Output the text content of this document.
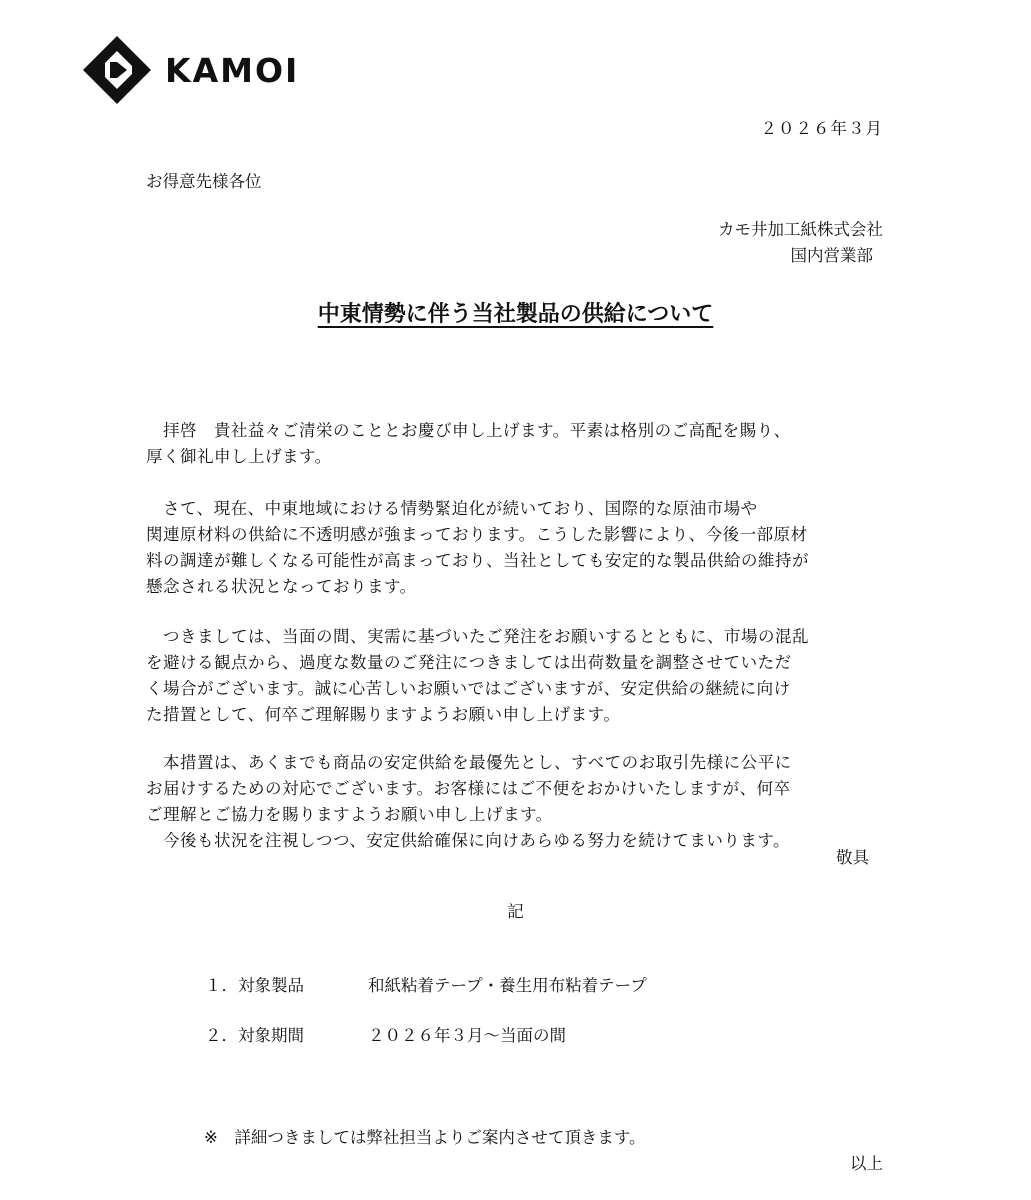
KAMOI
２０２６年３月
お得意先様各位
カモ井加工紙株式会社
国内営業部
中東情勢に伴う当社製品の供給について
　拝啓　貴社益々ご清栄のこととお慶び申し上げます。平素は格別のご高配を賜り、
厚く御礼申し上げます。
　さて、現在、中東地域における情勢緊迫化が続いており、国際的な原油市場や
関連原材料の供給に不透明感が強まっております。こうした影響により、今後一部原材
料の調達が難しくなる可能性が高まっており、当社としても安定的な製品供給の維持が
懸念される状況となっております。
　つきましては、当面の間、実需に基づいたご発注をお願いするとともに、市場の混乱
を避ける観点から、過度な数量のご発注につきましては出荷数量を調整させていただ
く場合がございます。誠に心苦しいお願いではございますが、安定供給の継続に向け
た措置として、何卒ご理解賜りますようお願い申し上げます。
　本措置は、あくまでも商品の安定供給を最優先とし、すべてのお取引先様に公平に
お届けするための対応でございます。お客様にはご不便をおかけいたしますが、何卒
ご理解とご協力を賜りますようお願い申し上げます。
　今後も状況を注視しつつ、安定供給確保に向けあらゆる努力を続けてまいります。
敬具
記
１．対象製品	和紙粘着テープ・養生用布粘着テープ
２．対象期間	２０２６年３月～当面の間
※　詳細つきましては弊社担当よりご案内させて頂きます。
以上
